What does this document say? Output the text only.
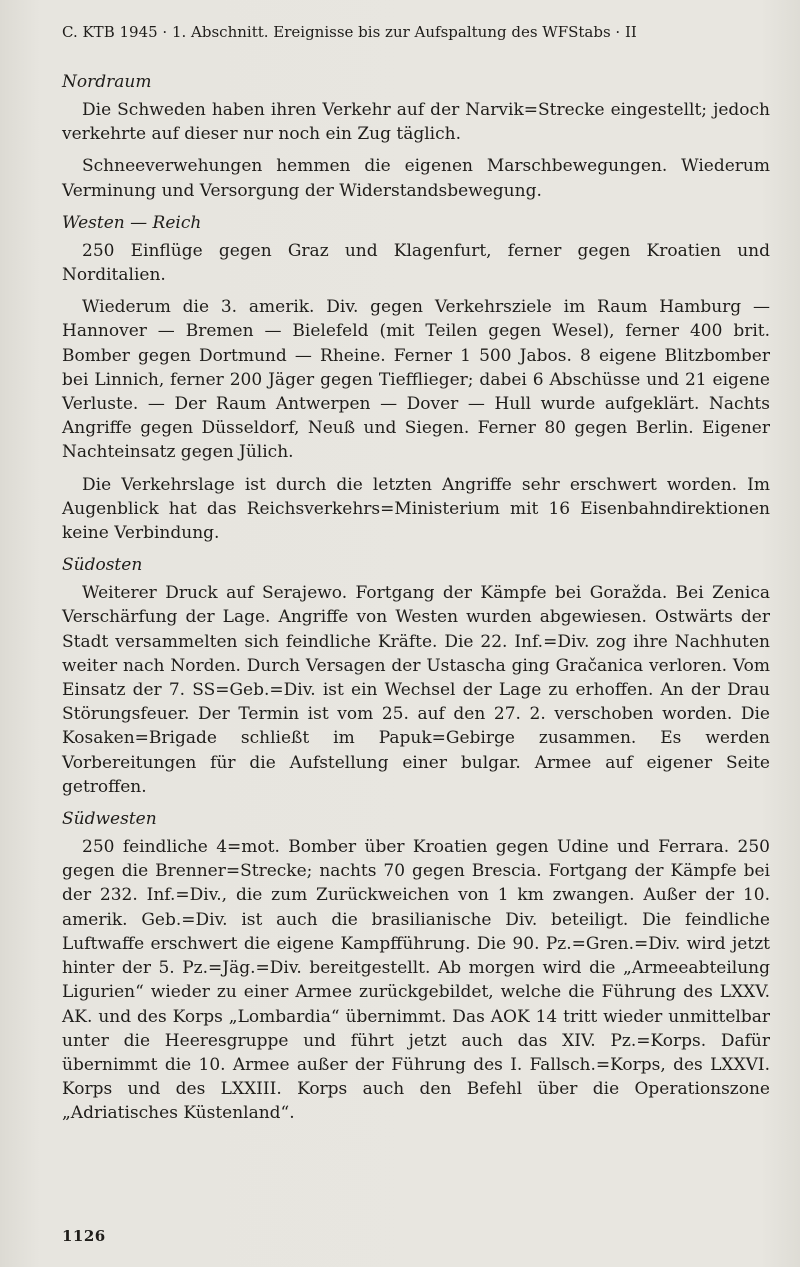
C. KTB 1945 · 1. Abschnitt. Ereignisse bis zur Aufspaltung des WFStabs · II

Nordraum

Die Schweden haben ihren Verkehr auf der Narvik=Strecke eingestellt; jedoch verkehrte auf dieser nur noch ein Zug täglich.

Schneeverwehungen hemmen die eigenen Marschbewegungen. Wiederum Verminung und Versorgung der Widerstandsbewegung.

Westen — Reich

250 Einflüge gegen Graz und Klagenfurt, ferner gegen Kroatien und Norditalien.

Wiederum die 3. amerik. Div. gegen Verkehrsziele im Raum Hamburg — Hannover — Bremen — Bielefeld (mit Teilen gegen Wesel), ferner 400 brit. Bomber gegen Dortmund — Rheine. Ferner 1 500 Jabos. 8 eigene Blitzbomber bei Linnich, ferner 200 Jäger gegen Tiefflieger; dabei 6 Abschüsse und 21 eigene Verluste. — Der Raum Antwerpen — Dover — Hull wurde aufgeklärt. Nachts Angriffe gegen Düsseldorf, Neuß und Siegen. Ferner 80 gegen Berlin. Eigener Nachteinsatz gegen Jülich.

Die Verkehrslage ist durch die letzten Angriffe sehr erschwert worden. Im Augenblick hat das Reichsverkehrs=Ministerium mit 16 Eisenbahndirektionen keine Verbindung.

Südosten

Weiterer Druck auf Serajewo. Fortgang der Kämpfe bei Goražda. Bei Zenica Verschärfung der Lage. Angriffe von Westen wurden abgewiesen. Ostwärts der Stadt versammelten sich feindliche Kräfte. Die 22. Inf.=Div. zog ihre Nachhuten weiter nach Norden. Durch Versagen der Ustascha ging Gračanica verloren. Vom Einsatz der 7. SS=Geb.=Div. ist ein Wechsel der Lage zu erhoffen. An der Drau Störungsfeuer. Der Termin ist vom 25. auf den 27. 2. verschoben worden. Die Kosaken=Brigade schließt im Papuk=Gebirge zusammen. Es werden Vorbereitungen für die Aufstellung einer bulgar. Armee auf eigener Seite getroffen.

Südwesten

250 feindliche 4=mot. Bomber über Kroatien gegen Udine und Ferrara. 250 gegen die Brenner=Strecke; nachts 70 gegen Brescia. Fortgang der Kämpfe bei der 232. Inf.=Div., die zum Zurückweichen von 1 km zwangen. Außer der 10. amerik. Geb.=Div. ist auch die brasilianische Div. beteiligt. Die feindliche Luftwaffe erschwert die eigene Kampfführung. Die 90. Pz.=Gren.=Div. wird jetzt hinter der 5. Pz.=Jäg.=Div. bereitgestellt. Ab morgen wird die „Armeeabteilung Ligurien“ wieder zu einer Armee zurückgebildet, welche die Führung des LXXV. AK. und des Korps „Lombardia“ übernimmt. Das AOK 14 tritt wieder unmittelbar unter die Heeresgruppe und führt jetzt auch das XIV. Pz.=Korps. Dafür übernimmt die 10. Armee außer der Führung des I. Fallsch.=Korps, des LXXVI. Korps und des LXXIII. Korps auch den Befehl über die Operationszone „Adriatisches Küstenland“.

1126
